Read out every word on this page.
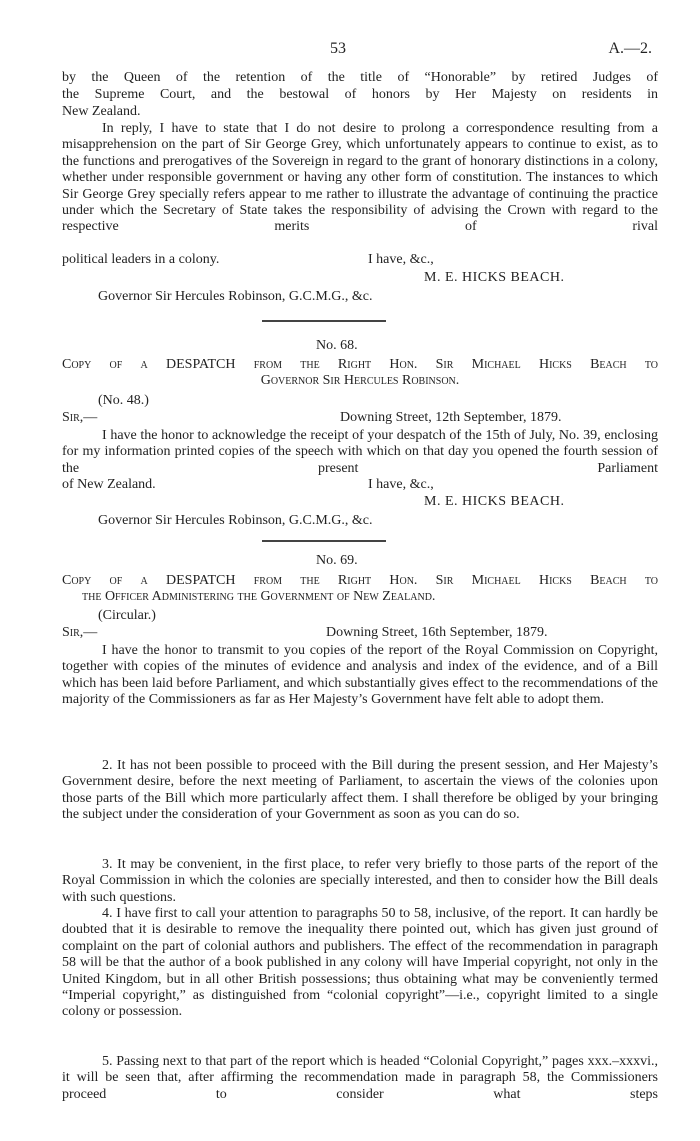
53	A.—2.
by the Queen of the retention of the title of “Honorable” by retired Judges of
the Supreme Court, and the bestowal of honors by Her Majesty on residents in
New Zealand.
In reply, I have to state that I do not desire to prolong a correspondence resulting from a misapprehension on the part of Sir George Grey, which unfortunately appears to continue to exist, as to the functions and prerogatives of the Sovereign in regard to the grant of honorary distinctions in a colony, whether under responsible government or having any other form of constitution. The instances to which Sir George Grey specially refers appear to me rather to illustrate the advantage of continuing the practice under which the Secretary of State takes the responsibility of advising the Crown with regard to the respective merits of rival
political leaders in a colony.	I have, &c.,
M. E. HICKS BEACH.
Governor Sir Hercules Robinson, G.C.M.G., &c.
No. 68.
Copy of a DESPATCH from the Right Hon. Sir Michael Hicks Beach to
Governor Sir Hercules Robinson.
(No. 48.)
Sir,—	Downing Street, 12th September, 1879.
I have the honor to acknowledge the receipt of your despatch of the 15th of July, No. 39, enclosing for my information printed copies of the speech with which on that day you opened the fourth session of the present Parliament
of New Zealand.	I have, &c.,
M. E. HICKS BEACH.
Governor Sir Hercules Robinson, G.C.M.G., &c.
No. 69.
Copy of a DESPATCH from the Right Hon. Sir Michael Hicks Beach to
the Officer Administering the Government of New Zealand.
(Circular.)
Sir,—	Downing Street, 16th September, 1879.
I have the honor to transmit to you copies of the report of the Royal Commission on Copyright, together with copies of the minutes of evidence and analysis and index of the evidence, and of a Bill which has been laid before Parliament, and which substantially gives effect to the recommendations of the majority of the Commissioners as far as Her Majesty’s Government have felt able to adopt them.
2. It has not been possible to proceed with the Bill during the present session, and Her Majesty’s Government desire, before the next meeting of Parliament, to ascertain the views of the colonies upon those parts of the Bill which more particularly affect them. I shall therefore be obliged by your bringing the subject under the consideration of your Government as soon as you can do so.
3. It may be convenient, in the first place, to refer very briefly to those parts of the report of the Royal Commission in which the colonies are specially interested, and then to consider how the Bill deals with such questions.
4. I have first to call your attention to paragraphs 50 to 58, inclusive, of the report. It can hardly be doubted that it is desirable to remove the inequality there pointed out, which has given just ground of complaint on the part of colonial authors and publishers. The effect of the recommendation in paragraph 58 will be that the author of a book published in any colony will have Imperial copyright, not only in the United Kingdom, but in all other British possessions; thus obtaining what may be conveniently termed “Imperial copyright,” as distinguished from “colonial copyright”—i.e., copyright limited to a single colony or possession.
5. Passing next to that part of the report which is headed “Colonial Copyright,” pages xxx.–xxxvi., it will be seen that, after affirming the recommendation made in paragraph 58, the Commissioners proceed to consider what steps
